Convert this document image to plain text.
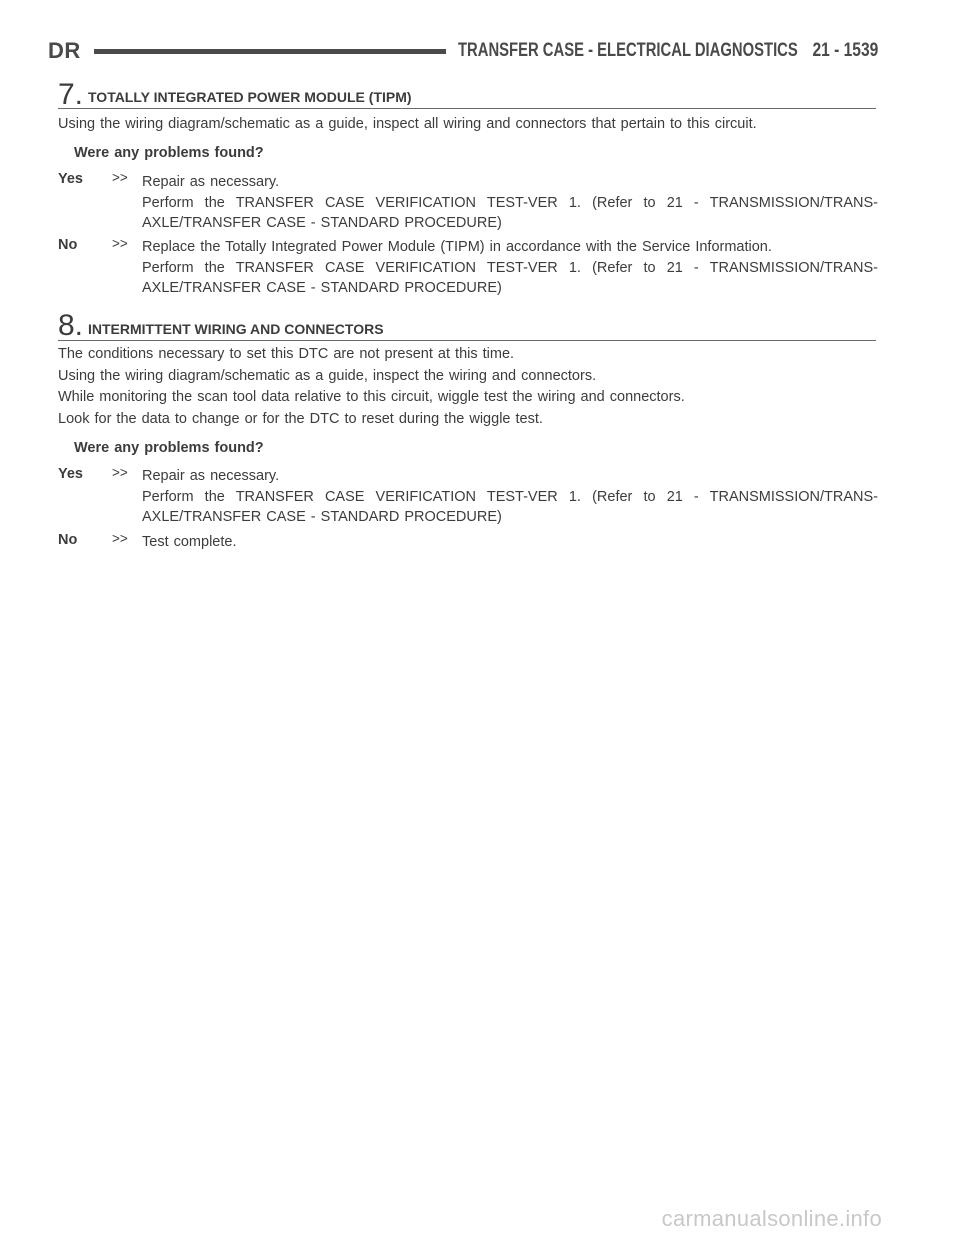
DR	TRANSFER CASE - ELECTRICAL DIAGNOSTICS 21 - 1539
7. TOTALLY INTEGRATED POWER MODULE (TIPM)
Using the wiring diagram/schematic as a guide, inspect all wiring and connectors that pertain to this circuit.
Were any problems found?
Yes >> Repair as necessary.
Perform the TRANSFER CASE VERIFICATION TEST-VER 1. (Refer to 21 - TRANSMISSION/TRANS-AXLE/TRANSFER CASE - STANDARD PROCEDURE)
No	>> Replace the Totally Integrated Power Module (TIPM) in accordance with the Service Information.
Perform the TRANSFER CASE VERIFICATION TEST-VER 1. (Refer to 21 - TRANSMISSION/TRANS-AXLE/TRANSFER CASE - STANDARD PROCEDURE)
8. INTERMITTENT WIRING AND CONNECTORS
The conditions necessary to set this DTC are not present at this time.
Using the wiring diagram/schematic as a guide, inspect the wiring and connectors.
While monitoring the scan tool data relative to this circuit, wiggle test the wiring and connectors.
Look for the data to change or for the DTC to reset during the wiggle test.
Were any problems found?
Yes >> Repair as necessary.
Perform the TRANSFER CASE VERIFICATION TEST-VER 1. (Refer to 21 - TRANSMISSION/TRANS-AXLE/TRANSFER CASE - STANDARD PROCEDURE)
No	>> Test complete.
carmanualsonline.info
